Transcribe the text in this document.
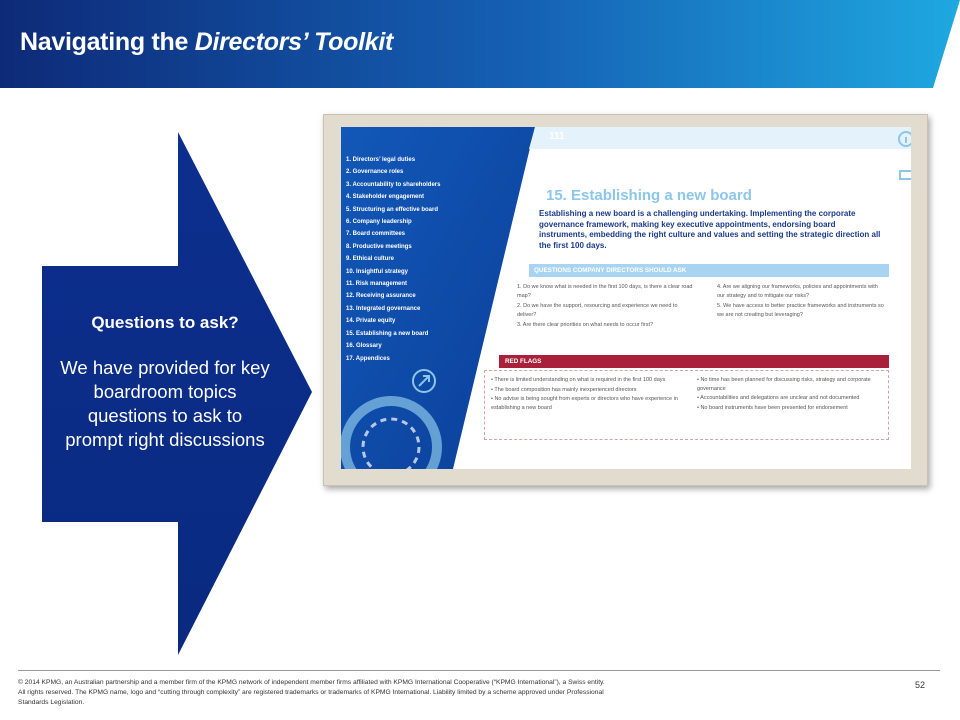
Navigating the Directors’ Toolkit
Questions to ask?
We have provided for key boardroom topics questions to ask to prompt right discussions
111
1. Directors’ legal duties
2. Governance roles
3. Accountability to shareholders
4. Stakeholder engagement
5. Structuring an effective board
6. Company leadership
7. Board committees
8. Productive meetings
9. Ethical culture
10. Insightful strategy
11. Risk management
12. Receiving assurance
13. Integrated governance
14. Private equity
15. Establishing a new board
16. Glossary
17. Appendices
15. Establishing a new board
Establishing a new board is a challenging undertaking. Implementing the corporate governance framework, making key executive appointments, endorsing board instruments, embedding the right culture and values and setting the strategic direction all the first 100 days.
QUESTIONS COMPANY DIRECTORS SHOULD ASK

1. Do we know what is needed in the first 100 days, is there a clear road map?

2. Do we have the support, resourcing and experience we need to deliver?

3. Are there clear priorities on what needs to occur first?

4. Are we aligning our frameworks, policies and appointments with our strategy and to mitigate our risks?

5. We have access to better practice frameworks and instruments so we are not creating but leveraging?

RED FLAGS

• There is limited understanding on what is required in the first 100 days

• The board composition has mainly inexperienced directors

• No advise is being sought from experts or directors who have experience in establishing a new board

• No time has been planned for discussing risks, strategy and corporate governance

• Accountabilities and delegations are unclear and not documented

• No board instruments have been presented for endorsement

© 2014 KPMG, an Australian partnership and a member firm of the KPMG network of independent member firms affiliated with KPMG International Cooperative (“KPMG International”), a Swiss entity. All rights reserved. The KPMG name, logo and “cutting through complexity” are registered trademarks or trademarks of KPMG International. Liability limited by a scheme approved under Professional Standards Legislation.
52
